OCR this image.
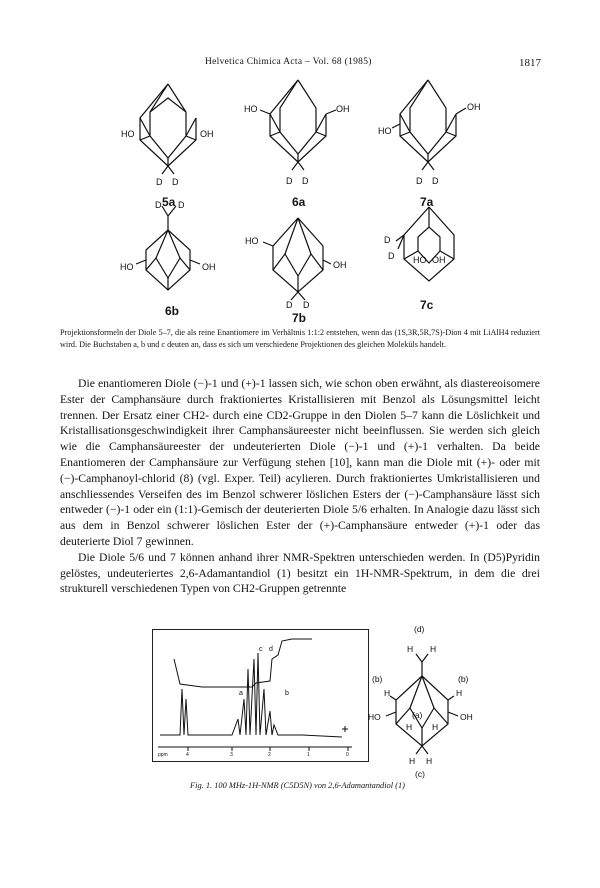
Helvetica Chimica Acta – Vol. 68 (1985)	1817
HO	OH
D D
5a
HO	OH
D D
6a
HO
OH
D D
7a
D D
HO	OH
6b
HO
OH
D D
7b
D
D HO OH
7c
Projektionsformeln der Diole 5–7, die als reine Enantiomere im Verhältnis 1:1:2 entstehen, wenn das (1S,3R,5R,7S)-Dion 4 mit LiAlH4 reduziert wird. Die Buchstaben a, b und c deuten an, dass es sich um verschiedene Projektionen des gleichen Moleküls handelt.

Die enantiomeren Diole (−)-1 und (+)-1 lassen sich, wie schon oben erwähnt, als diastereoisomere Ester der Camphansäure durch fraktioniertes Kristallisieren mit Benzol als Lösungsmittel leicht trennen. Der Ersatz einer CH2- durch eine CD2-Gruppe in den Diolen 5–7 kann die Löslichkeit und Kristallisationsgeschwindigkeit ihrer Camphansäureester nicht beeinflussen. Sie werden sich gleich wie die Camphansäureester der undeuterierten Diole (−)-1 und (+)-1 verhalten. Da beide Enantiomeren der Camphansäure zur Verfügung stehen [10], kann man die Diole mit (+)- oder mit (−)-Camphanoyl-chlorid (8) (vgl. Exper. Teil) acylieren. Durch fraktioniertes Umkristallisieren und anschliessendes Verseifen des im Benzol schwerer löslichen Esters der (−)-Camphansäure lässt sich entweder (−)-1 oder ein (1:1)-Gemisch der deuterierten Diole 5/6 erhalten. In Analogie dazu lässt sich aus dem in Benzol schwerer löslichen Ester der (+)-Camphansäure entweder (+)-1 oder das deuterierte Diol 7 gewinnen.

Die Diole 5/6 und 7 können anhand ihrer NMR-Spektren unterschieden werden. In (D5)Pyridin gelöstes, undeuteriertes 2,6-Adamantandiol (1) besitzt ein 1H-NMR-Spektrum, in dem die drei strukturell verschiedenen Typen von CH2-Gruppen getrennte

a	b
c d
ppm	4	3	2	1	0
(d)
H H
(b)	(b)
H	H
(a)
HO	OH
H H
H H
(c)
Fig. 1. 100 MHz-1H-NMR (C5D5N) von 2,6-Adamantandiol (1)
